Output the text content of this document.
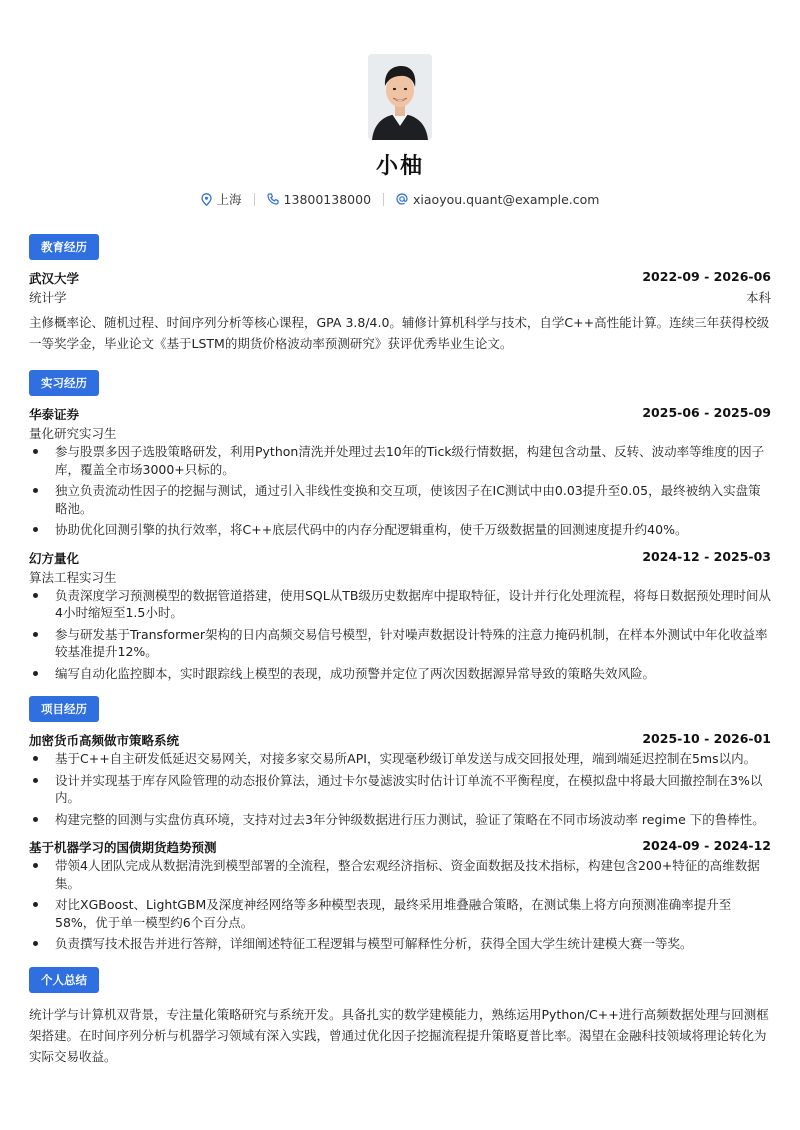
小柚
上海	13800138000	xiaoyou.quant@example.com
教育经历
武汉大学	2022-09 - 2026-06
统计学	本科
主修概率论、随机过程、时间序列分析等核心课程，GPA 3.8/4.0。辅修计算机科学与技术，自学C++高性能计算。连续三年获得校级一等奖学金，毕业论文《基于LSTM的期货价格波动率预测研究》获评优秀毕业生论文。
实习经历
华泰证券	2025-06 - 2025-09
量化研究实习生
参与股票多因子选股策略研发，利用Python清洗并处理过去10年的Tick级行情数据，构建包含动量、反转、波动率等维度的因子库，覆盖全市场3000+只标的。
独立负责流动性因子的挖掘与测试，通过引入非线性变换和交互项，使该因子在IC测试中由0.03提升至0.05，最终被纳入实盘策略池。
协助优化回测引擎的执行效率，将C++底层代码中的内存分配逻辑重构，使千万级数据量的回测速度提升约40%。
幻方量化	2024-12 - 2025-03
算法工程实习生
负责深度学习预测模型的数据管道搭建，使用SQL从TB级历史数据库中提取特征，设计并行化处理流程，将每日数据预处理时间从4小时缩短至1.5小时。
参与研发基于Transformer架构的日内高频交易信号模型，针对噪声数据设计特殊的注意力掩码机制，在样本外测试中年化收益率较基准提升12%。
编写自动化监控脚本，实时跟踪线上模型的表现，成功预警并定位了两次因数据源异常导致的策略失效风险。
项目经历
加密货币高频做市策略系统	2025-10 - 2026-01
基于C++自主研发低延迟交易网关，对接多家交易所API，实现毫秒级订单发送与成交回报处理，端到端延迟控制在5ms以内。
设计并实现基于库存风险管理的动态报价算法，通过卡尔曼滤波实时估计订单流不平衡程度，在模拟盘中将最大回撤控制在3%以内。
构建完整的回测与实盘仿真环境，支持对过去3年分钟级数据进行压力测试，验证了策略在不同市场波动率 regime 下的鲁棒性。
基于机器学习的国债期货趋势预测	2024-09 - 2024-12
带领4人团队完成从数据清洗到模型部署的全流程，整合宏观经济指标、资金面数据及技术指标，构建包含200+特征的高维数据集。
对比XGBoost、LightGBM及深度神经网络等多种模型表现，最终采用堆叠融合策略，在测试集上将方向预测准确率提升至58%，优于单一模型约6个百分点。
负责撰写技术报告并进行答辩，详细阐述特征工程逻辑与模型可解释性分析，获得全国大学生统计建模大赛一等奖。
个人总结
统计学与计算机双背景，专注量化策略研究与系统开发。具备扎实的数学建模能力，熟练运用Python/C++进行高频数据处理与回测框架搭建。在时间序列分析与机器学习领域有深入实践，曾通过优化因子挖掘流程提升策略夏普比率。渴望在金融科技领域将理论转化为实际交易收益。
